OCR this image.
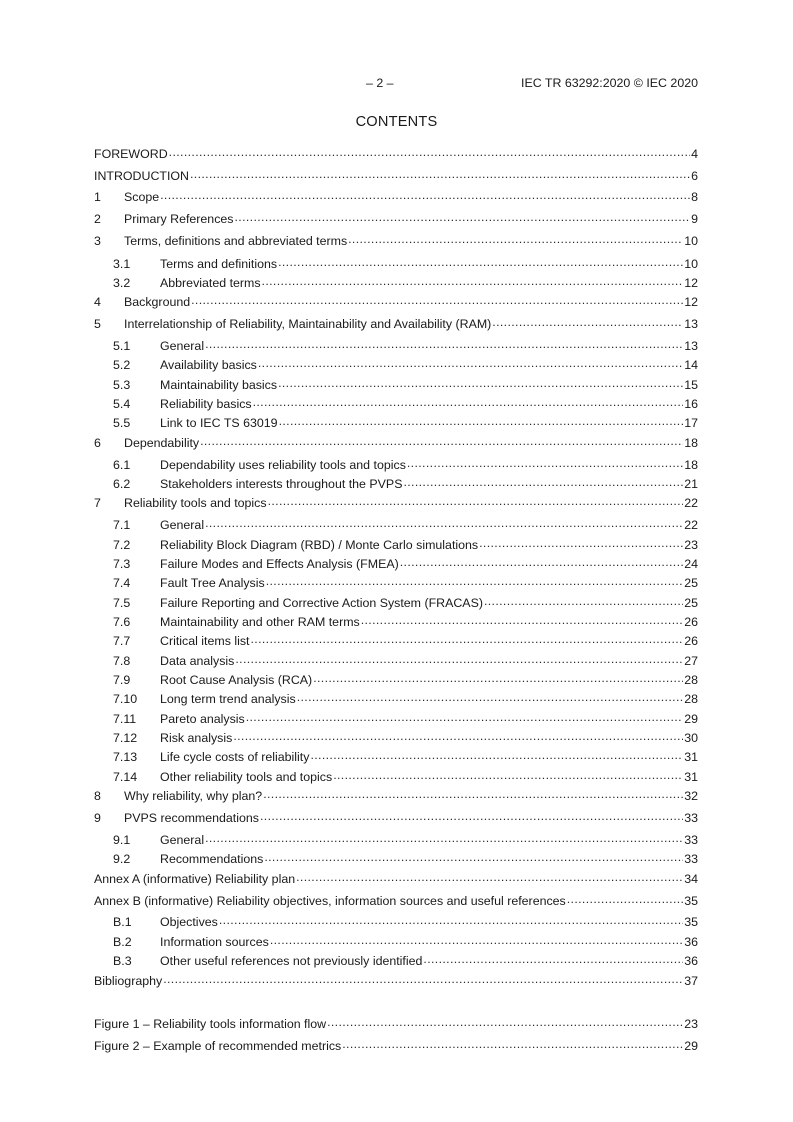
– 2 –	IEC TR 63292:2020 © IEC 2020
CONTENTS
FOREWORD .....	4
INTRODUCTION .....	6
1	Scope .....	8
2	Primary References .....	9
3	Terms, definitions and abbreviated terms .....	10
3.1	Terms and definitions .....	10
3.2	Abbreviated terms .....	12
4	Background .....	12
5	Interrelationship of Reliability, Maintainability and Availability (RAM) .....	13
5.1	General .....	13
5.2	Availability basics .....	14
5.3	Maintainability basics .....	15
5.4	Reliability basics .....	16
5.5	Link to IEC TS 63019 .....	17
6	Dependability .....	18
6.1	Dependability uses reliability tools and topics .....	18
6.2	Stakeholders interests throughout the PVPS .....	21
7	Reliability tools and topics .....	22
7.1	General .....	22
7.2	Reliability Block Diagram (RBD) / Monte Carlo simulations .....	23
7.3	Failure Modes and Effects Analysis (FMEA) .....	24
7.4	Fault Tree Analysis .....	25
7.5	Failure Reporting and Corrective Action System (FRACAS) .....	25
7.6	Maintainability and other RAM terms .....	26
7.7	Critical items list .....	26
7.8	Data analysis .....	27
7.9	Root Cause Analysis (RCA) .....	28
7.10	Long term trend analysis .....	28
7.11	Pareto analysis .....	29
7.12	Risk analysis .....	30
7.13	Life cycle costs of reliability .....	31
7.14	Other reliability tools and topics .....	31
8	Why reliability, why plan? .....	32
9	PVPS recommendations .....	33
9.1	General .....	33
9.2	Recommendations .....	33
Annex A (informative) Reliability plan .....	34
Annex B (informative) Reliability objectives, information sources and useful references .....	35
B.1	Objectives .....	35
B.2	Information sources .....	36
B.3	Other useful references not previously identified .....	36
Bibliography .....	37
Figure 1 – Reliability tools information flow .....	23
Figure 2 – Example of recommended metrics .....	29
